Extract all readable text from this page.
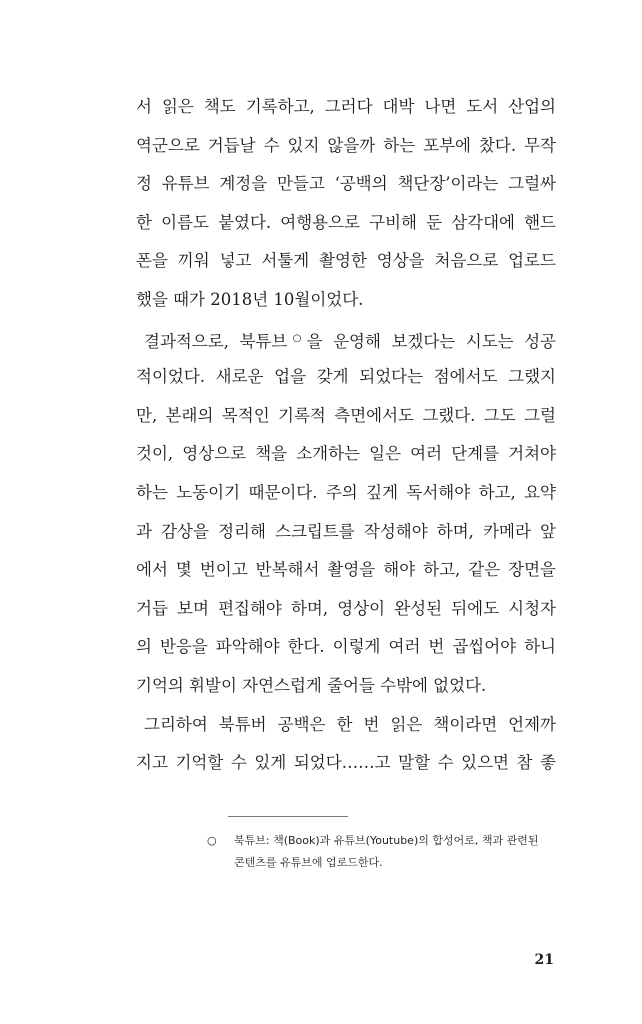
서 읽은 책도 기록하고, 그러다 대박 나면 도서 산업의
역군으로 거듭날 수 있지 않을까 하는 포부에 찼다. 무작
정 유튜브 계정을 만들고 ‘공백의 책단장’이라는 그럴싸
한 이름도 붙였다. 여행용으로 구비해 둔 삼각대에 핸드
폰을 끼워 넣고 서툴게 촬영한 영상을 처음으로 업로드
했을 때가 2018년 10월이었다.
결과적으로, 북튜브○을 운영해 보겠다는 시도는 성공
적이었다. 새로운 업을 갖게 되었다는 점에서도 그랬지
만, 본래의 목적인 기록적 측면에서도 그랬다. 그도 그럴
것이, 영상으로 책을 소개하는 일은 여러 단계를 거쳐야
하는 노동이기 때문이다. 주의 깊게 독서해야 하고, 요약
과 감상을 정리해 스크립트를 작성해야 하며, 카메라 앞
에서 몇 번이고 반복해서 촬영을 해야 하고, 같은 장면을
거듭 보며 편집해야 하며, 영상이 완성된 뒤에도 시청자
의 반응을 파악해야 한다. 이렇게 여러 번 곱씹어야 하니
기억의 휘발이 자연스럽게 줄어들 수밖에 없었다.
그리하여 북튜버 공백은 한 번 읽은 책이라면 언제까
지고 기억할 수 있게 되었다……고 말할 수 있으면 참 좋
○	북튜브: 책(Book)과 유튜브(Youtube)의 합성어로, 책과 관련된
콘텐츠를 유튜브에 업로드한다.
21
